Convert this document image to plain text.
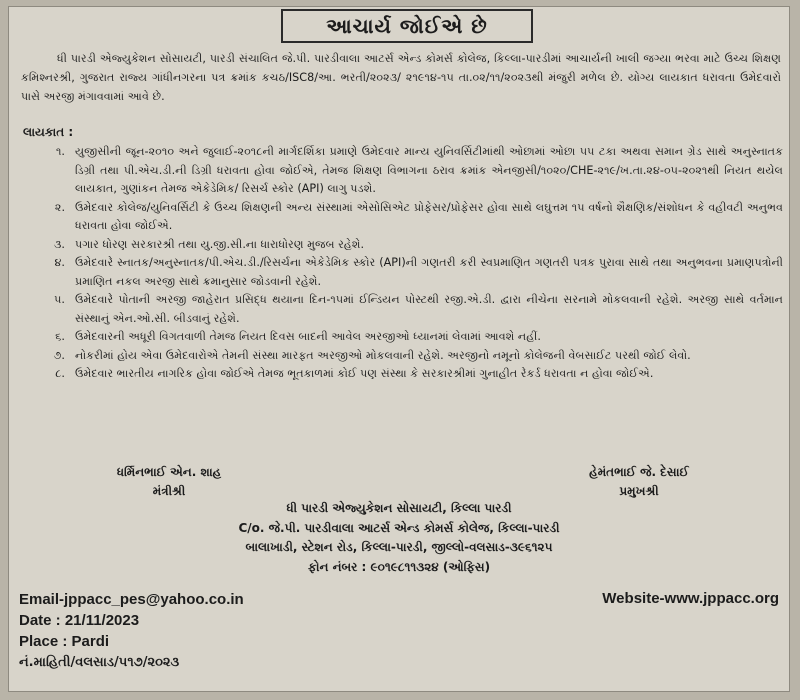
આચાર્ય જોઈએ છે
ધી પારડી એજ્યુકેશન સોસાયટી, પારડી સંચાલિત જે.પી. પારડીવાલા આટર્સ એન્ડ કોમર્સ કોલેજ, કિલ્લા-પારડીમાં આચાર્યની ખાલી જગ્યા ભરવા માટે ઉચ્ચ શિક્ષણ કમિશ્નરશ્રી, ગુજરાત રાજ્ય ગાંધીનગરના પત્ર ક્રમાંક કચઠ/ISC8/આ. ભરતી/૨૦૨૩/ ૨૧૯૧૪-૧૫ તા.૦૨/૧૧/૨૦૨૩થી મંજુરી મળેલ છે. યોગ્ય લાયકાત ધરાવતા ઉમેદવારો પાસે અરજી મંગાવવામાં આવે છે.
લાયકાત :
૧. યુજીસીની જૂન-૨૦૧૦ અને જુલાઈ-૨૦૧૮ની માર્ગદર્શિકા પ્રમાણે ઉમેદવાર માન્ય યુનિવર્સિટીમાંથી ઓછામાં ઓછા ૫૫ ટકા અથવા સમાન ગ્રેડ સાથે અનુસ્નાતક ડિગ્રી તથા પી.એચ.ડી.ની ડિગ્રી ધરાવતા હોવા જોઈએ, તેમજ શિક્ષણ વિભાગના ઠરાવ ક્રમાંક એનજીસી/૧૦૨૦/CHE-૨૧૯/ખ.તા.૨૪-૦૫-૨૦૨૧થી નિયત થયેલ લાયકાત, ગુણાંકન તેમજ એકેડેમિક/ રિસર્ચ સ્કોર (API) લાગુ પડશે.
૨. ઉમેદવાર કોલેજ/યુનિવર્સિટી કે ઉચ્ચ શિક્ષણની અન્ય સંસ્થામાં એસોસિએટ પ્રોફેસર/પ્રોફેસર હોવા સાથે લઘુત્તમ ૧૫ વર્ષનો શૈક્ષણિક/સંશોધન કે વહીવટી અનુભવ ધરાવતા હોવા જોઈએ.
૩. પગાર ધોરણ સરકારશ્રી તથા યુ.જી.સી.ના ધારાધોરણ મુજબ રહેશે.
૪. ઉમેદવારે સ્નાતક/અનુસ્નાતક/પી.એચ.ડી./રિસર્ચના એકેડેમિક સ્કોર (API)ની ગણતરી કરી સ્વપ્રમાણિત ગણતરી પત્રક પુરાવા સાથે તથા અનુભવના પ્રમાણપત્રોની પ્રમાણિત નકલ અરજી સાથે ક્રમાનુસાર જોડવાની રહેશે.
૫. ઉમેદવારે પોતાની અરજી જાહેરાત પ્રસિદ્ધ થયાના દિન-૧૫માં ઈન્ડિયન પોસ્ટથી રજી.એ.ડી. દ્વારા નીચેના સરનામે મોકલવાની રહેશે. અરજી સાથે વર્તમાન સંસ્થાનું એન.ઓ.સી. બીડવાનું રહેશે.
૬. ઉમેદવારની અધૂરી વિગતવાળી તેમજ નિયત દિવસ બાદની આવેલ અરજીઓ ધ્યાનમાં લેવામાં આવશે નહીં.
૭. નોકરીમાં હોય એવા ઉમેદવારોએ તેમની સંસ્થા મારફત અરજીઓ મોકલવાની રહેશે. અરજીનો નમૂનો કોલેજની વેબસાઈટ પરથી જોઈ લેવો.
૮. ઉમેદવાર ભારતીય નાગરિક હોવા જોઈએ તેમજ ભૂતકાળમાં કોઈ પણ સંસ્થા કે સરકારશ્રીમાં ગુનાહીત રેકર્ડ ધરાવતા ન હોવા જોઈએ.
ધર્મિનભાઈ એન. શાહ
મંત્રીશ્રી
હેમંતભાઈ જે. દેસાઈ
પ્રમુખશ્રી
ધી પારડી એજ્યુકેશન સોસાયટી, કિલ્લા પારડી
C/o. જે.પી. પારડીવાલા આટર્સ એન્ડ કોમર્સ કોલેજ, કિલ્લા-પારડી
બાલાખાડી, સ્ટેશન રોડ, કિલ્લા-પારડી, જીલ્લો-વલસાડ-૩૯૬૧૨૫
ફોન નંબર : ૯૦૧૯૮૧૧૩૨૪ (ઓફિસ)
Email-jppacc_pes@yahoo.co.in
Date : 21/11/2023
Place : Pardi
નં.માહિતી/વલસાડ/૫૧૭/૨૦૨૩
Website-www.jppacc.org
